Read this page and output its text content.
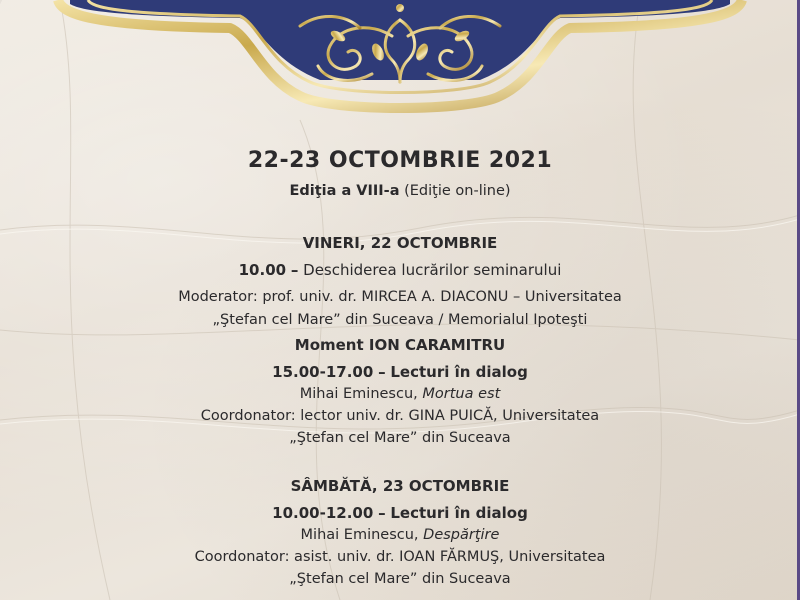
22-23 OCTOMBRIE 2021
Ediţia a VIII-a (Ediţie on-line)
VINERI, 22 OCTOMBRIE
10.00 – Deschiderea lucrărilor seminarului
Moderator: prof. univ. dr. MIRCEA A. DIACONU – Universitatea
„Ştefan cel Mare” din Suceava / Memorialul Ipoteşti
Moment ION CARAMITRU
15.00-17.00 – Lecturi în dialog
Mihai Eminescu, Mortua est
Coordonator: lector univ. dr. GINA PUICĂ, Universitatea
„Ştefan cel Mare” din Suceava
SÂMBĂTĂ, 23 OCTOMBRIE
10.00-12.00 – Lecturi în dialog
Mihai Eminescu, Despărţire
Coordonator: asist. univ. dr. IOAN FĂRMUŞ, Universitatea
„Ştefan cel Mare” din Suceava
